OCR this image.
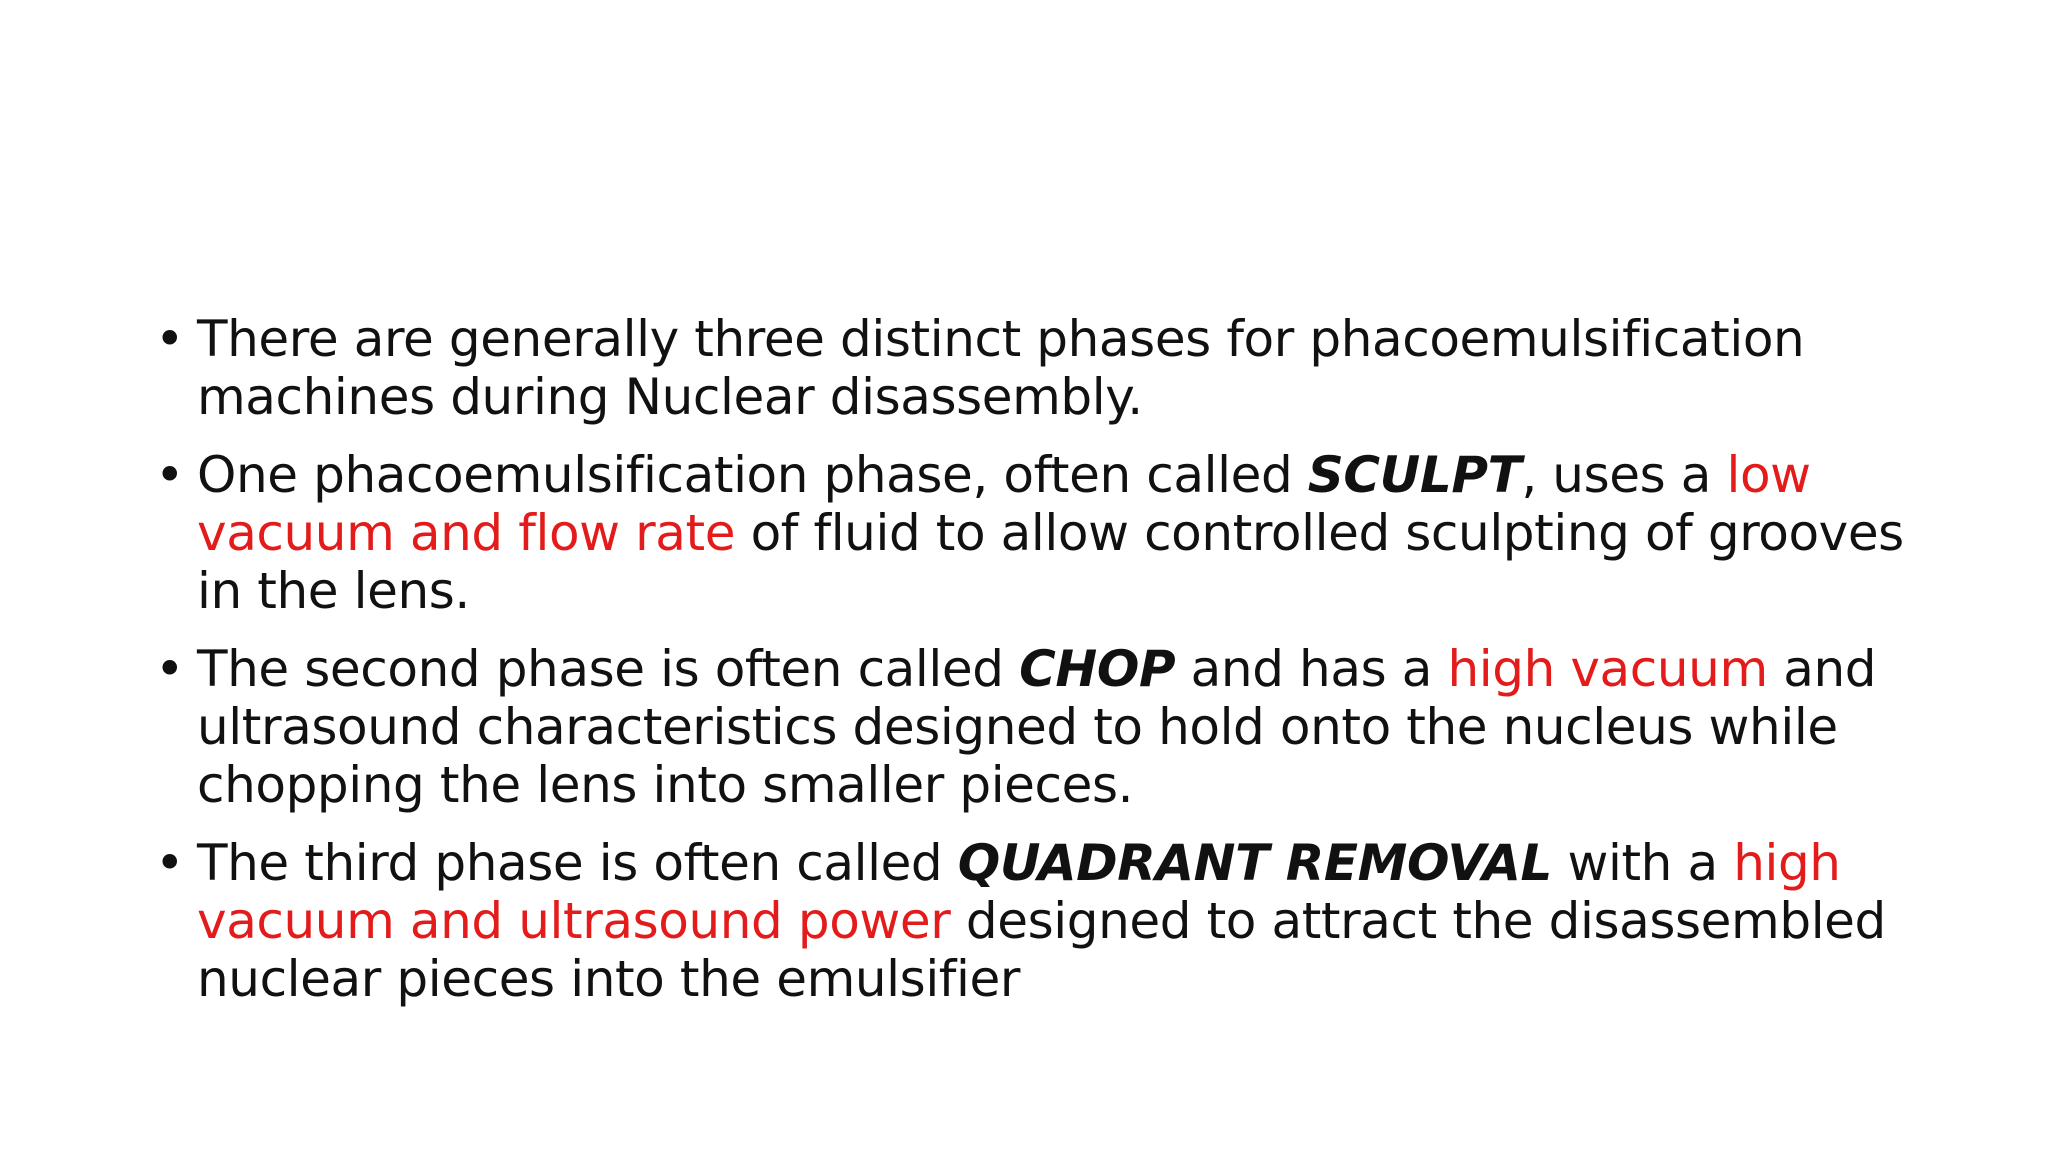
• There are generally three distinct phases for phacoemulsification machines during Nuclear disassembly.
• One phacoemulsification phase, often called SCULPT, uses a low vacuum and flow rate of fluid to allow controlled sculpting of grooves in the lens.
• The second phase is often called CHOP and has a high vacuum and ultrasound characteristics designed to hold onto the nucleus while chopping the lens into smaller pieces.
• The third phase is often called QUADRANT REMOVAL with a high vacuum and ultrasound power designed to attract the disassembled nuclear pieces into the emulsifier
